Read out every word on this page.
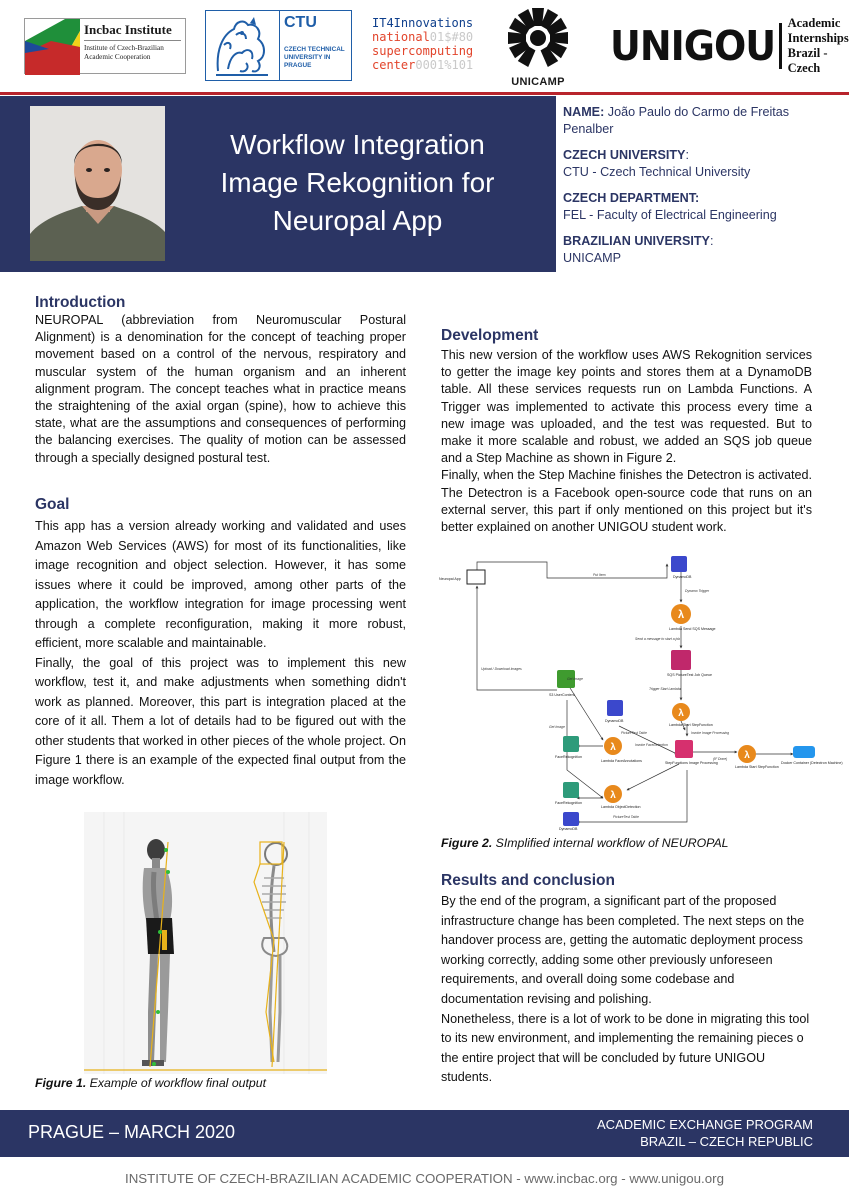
Incbac Institute
Institute of Czech-Brazilian Academic Cooperation
CTU
CZECH TECHNICAL UNIVERSITY IN PRAGUE
IT4Innovations
national01$#80
supercomputing
center0001%101
UNICAMP
UNIGOU Academic
Internships
Brazil - Czech
Workflow Integration
Image Rekognition for
Neuropal App
NAME: João Paulo do Carmo de Freitas Penalber
CZECH UNIVERSITY:
CTU - Czech Technical University
CZECH DEPARTMENT:
FEL - Faculty of Electrical Engineering
BRAZILIAN UNIVERSITY:
UNICAMP
Introduction

NEUROPAL (abbreviation from Neuromuscular Postural Alignment) is a denomination for the concept of teaching proper movement based on a control of the nervous, respiratory and muscular system of the human organism and an inherent alignment program. The concept teaches what in practice means the straightening of the axial organ (spine), how to achieve this state, what are the assumptions and consequences of performing the balancing exercises. The quality of motion can be assessed through a specially designed postural test.

Goal

This app has a version already working and validated and uses Amazon Web Services (AWS) for most of its functionalities, like image recognition and object selection. However, it has some issues where it could be improved, among other parts of the application, the workflow integration for image processing went through a complete reconfiguration, making it more robust, efficient, more scalable and maintainable.

Finally, the goal of this project was to implement this new workflow, test it, and make adjustments when something didn't work as planned. Moreover, this part is integration placed at the core of it all. Them a lot of details had to be figured out with the other students that worked in other pieces of the whole project. On Figure 1 there is an example of the expected final output from the image workflow.

Figure 1. Example of workflow final output
Development

This new version of the workflow uses AWS Rekognition services to getter the image key points and stores them at a DynamoDB table. All these services requests run on Lambda Functions. A Trigger was implemented to activate this process every time a new image was uploaded, and the test was requested. But to make it more scalable and robust, we added an SQS job queue and a Step Machine as shown in Figure 2.

Finally, when the Step Machine finishes the Detectron is activated. The Detectron is a Facebook open-source code that runs on an external server, this part if only mentioned on this project but it's better explained on another UNIGOU student work.

λ
λ
λ
λ
λ
Neuropal App	DynamoDB
Lambda Send SQS Message
SQS PictureTest Job Queue
S3 UserContent
DynamoDB
Lambda Start StepFunction
Lambda FaceAnnotations	StepFunctions Image Processing
Lambda Start StepFunction
Docker Container (Detectron Machine)
FaceRekognition
FaceRekognition
Lambda ObjectDetection
DynamoDB
Put Item
Dynamo Trigger
Send a message to start a job
Upload / Download Images
Get Image
Trigger Start Lambda
Get Image
PictureTest Table	Invoke Image Processing
Invoke FaceDetection
(IF Done)
PictureTest Table
Figure 2. SImplified internal workflow of NEUROPAL
Results and conclusion

By the end of the program, a significant part of the proposed infrastructure change has been completed. The next steps on the handover process are, getting the automatic deployment process working correctly, adding some other previously unforeseen requirements, and overall doing some codebase and documentation revising and polishing.

Nonetheless, there is a lot of work to be done in migrating this tool to its new environment, and implementing the remaining pieces o the entire project that will be concluded by future UNIGOU students.

PRAGUE – MARCH 2020	ACADEMIC EXCHANGE PROGRAM
BRAZIL – CZECH REPUBLIC
INSTITUTE OF CZECH-BRAZILIAN ACADEMIC COOPERATION - www.incbac.org - www.unigou.org
